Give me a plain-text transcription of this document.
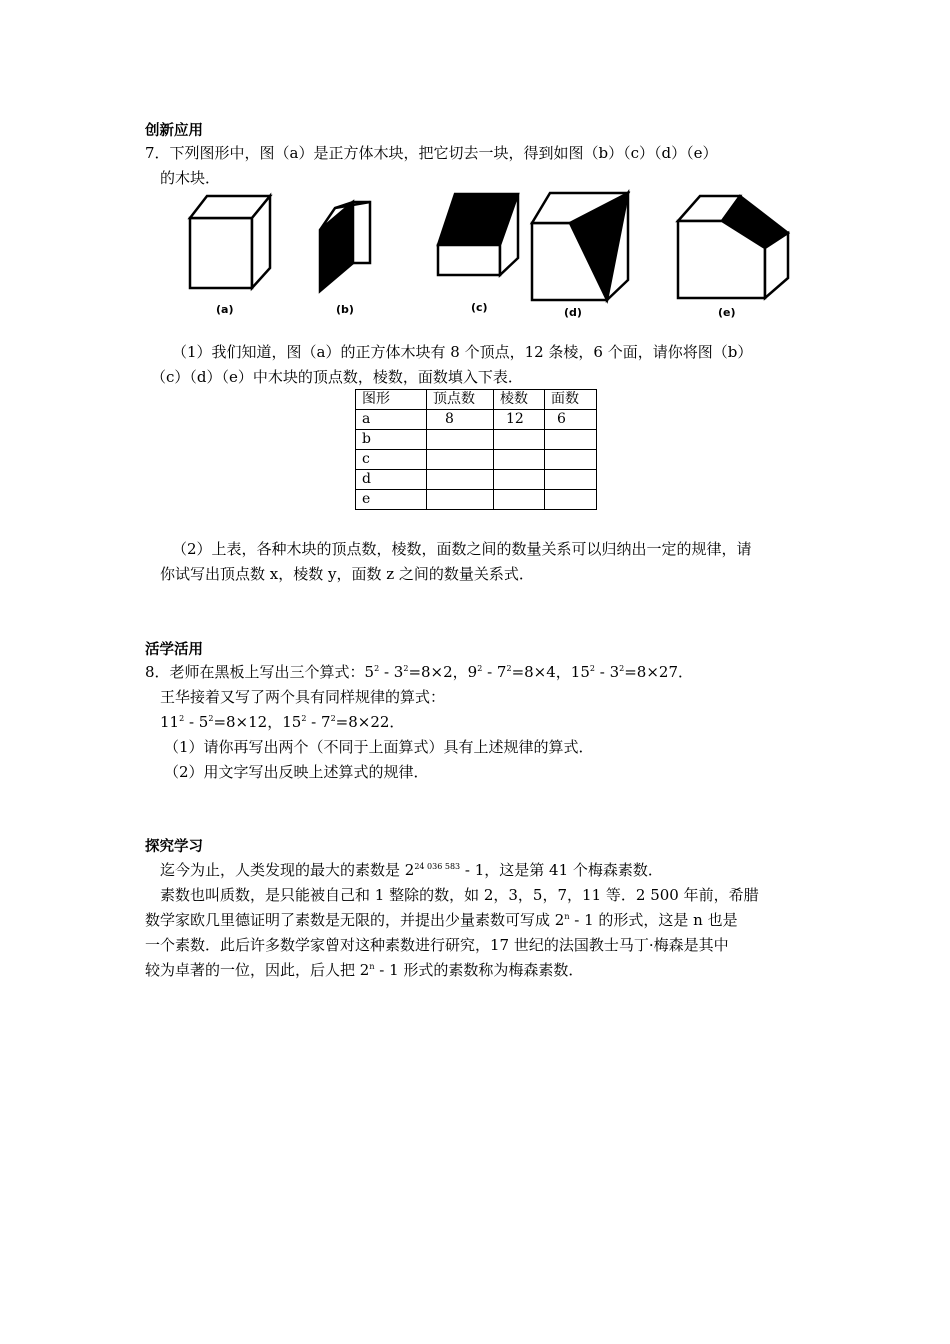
创新应用
7．下列图形中，图（a）是正方体木块，把它切去一块，得到如图（b）（c）（d）（e）
的木块．
(a)	(b)	(c)	(d)	(e)
（1）我们知道，图（a）的正方体木块有 8 个顶点，12 条棱，6 个面，请你将图（b）
（c）（d）（e）中木块的顶点数，棱数，面数填入下表．
图形	顶点数	棱数	面数
a	8	12	6
b			
c			
d			
e			
（2）上表，各种木块的顶点数，棱数，面数之间的数量关系可以归纳出一定的规律，请
你试写出顶点数 x，棱数 y，面数 z 之间的数量关系式．
活学活用
8．老师在黑板上写出三个算式：$5^2 - 3^2=8\times 2$，$9^2 - 7^2=8\times 4$，$15^2 - 3^2=8\times 27$．
王华接着又写了两个具有同样规律的算式：
$11^2 - 5^2=8\times 12$，$15^2 - 7^2=8\times 22$．
（1）请你再写出两个（不同于上面算式）具有上述规律的算式．
（2）用文字写出反映上述算式的规律．
探究学习
迄今为止，人类发现的最大的素数是 $2^{24 036 583} - 1$，这是第 41 个梅森素数．
素数也叫质数，是只能被自己和 1 整除的数，如 2，3，5，7，11 等．2 500 年前，希腊
数学家欧几里德证明了素数是无限的，并提出少量素数可写成 2$^n$ - 1 的形式，这是 n 也是
一个素数．此后许多数学家曾对这种素数进行研究，17 世纪的法国教士马丁·梅森是其中
较为卓著的一位，因此，后人把 2$^n$ - 1 形式的素数称为梅森素数．
